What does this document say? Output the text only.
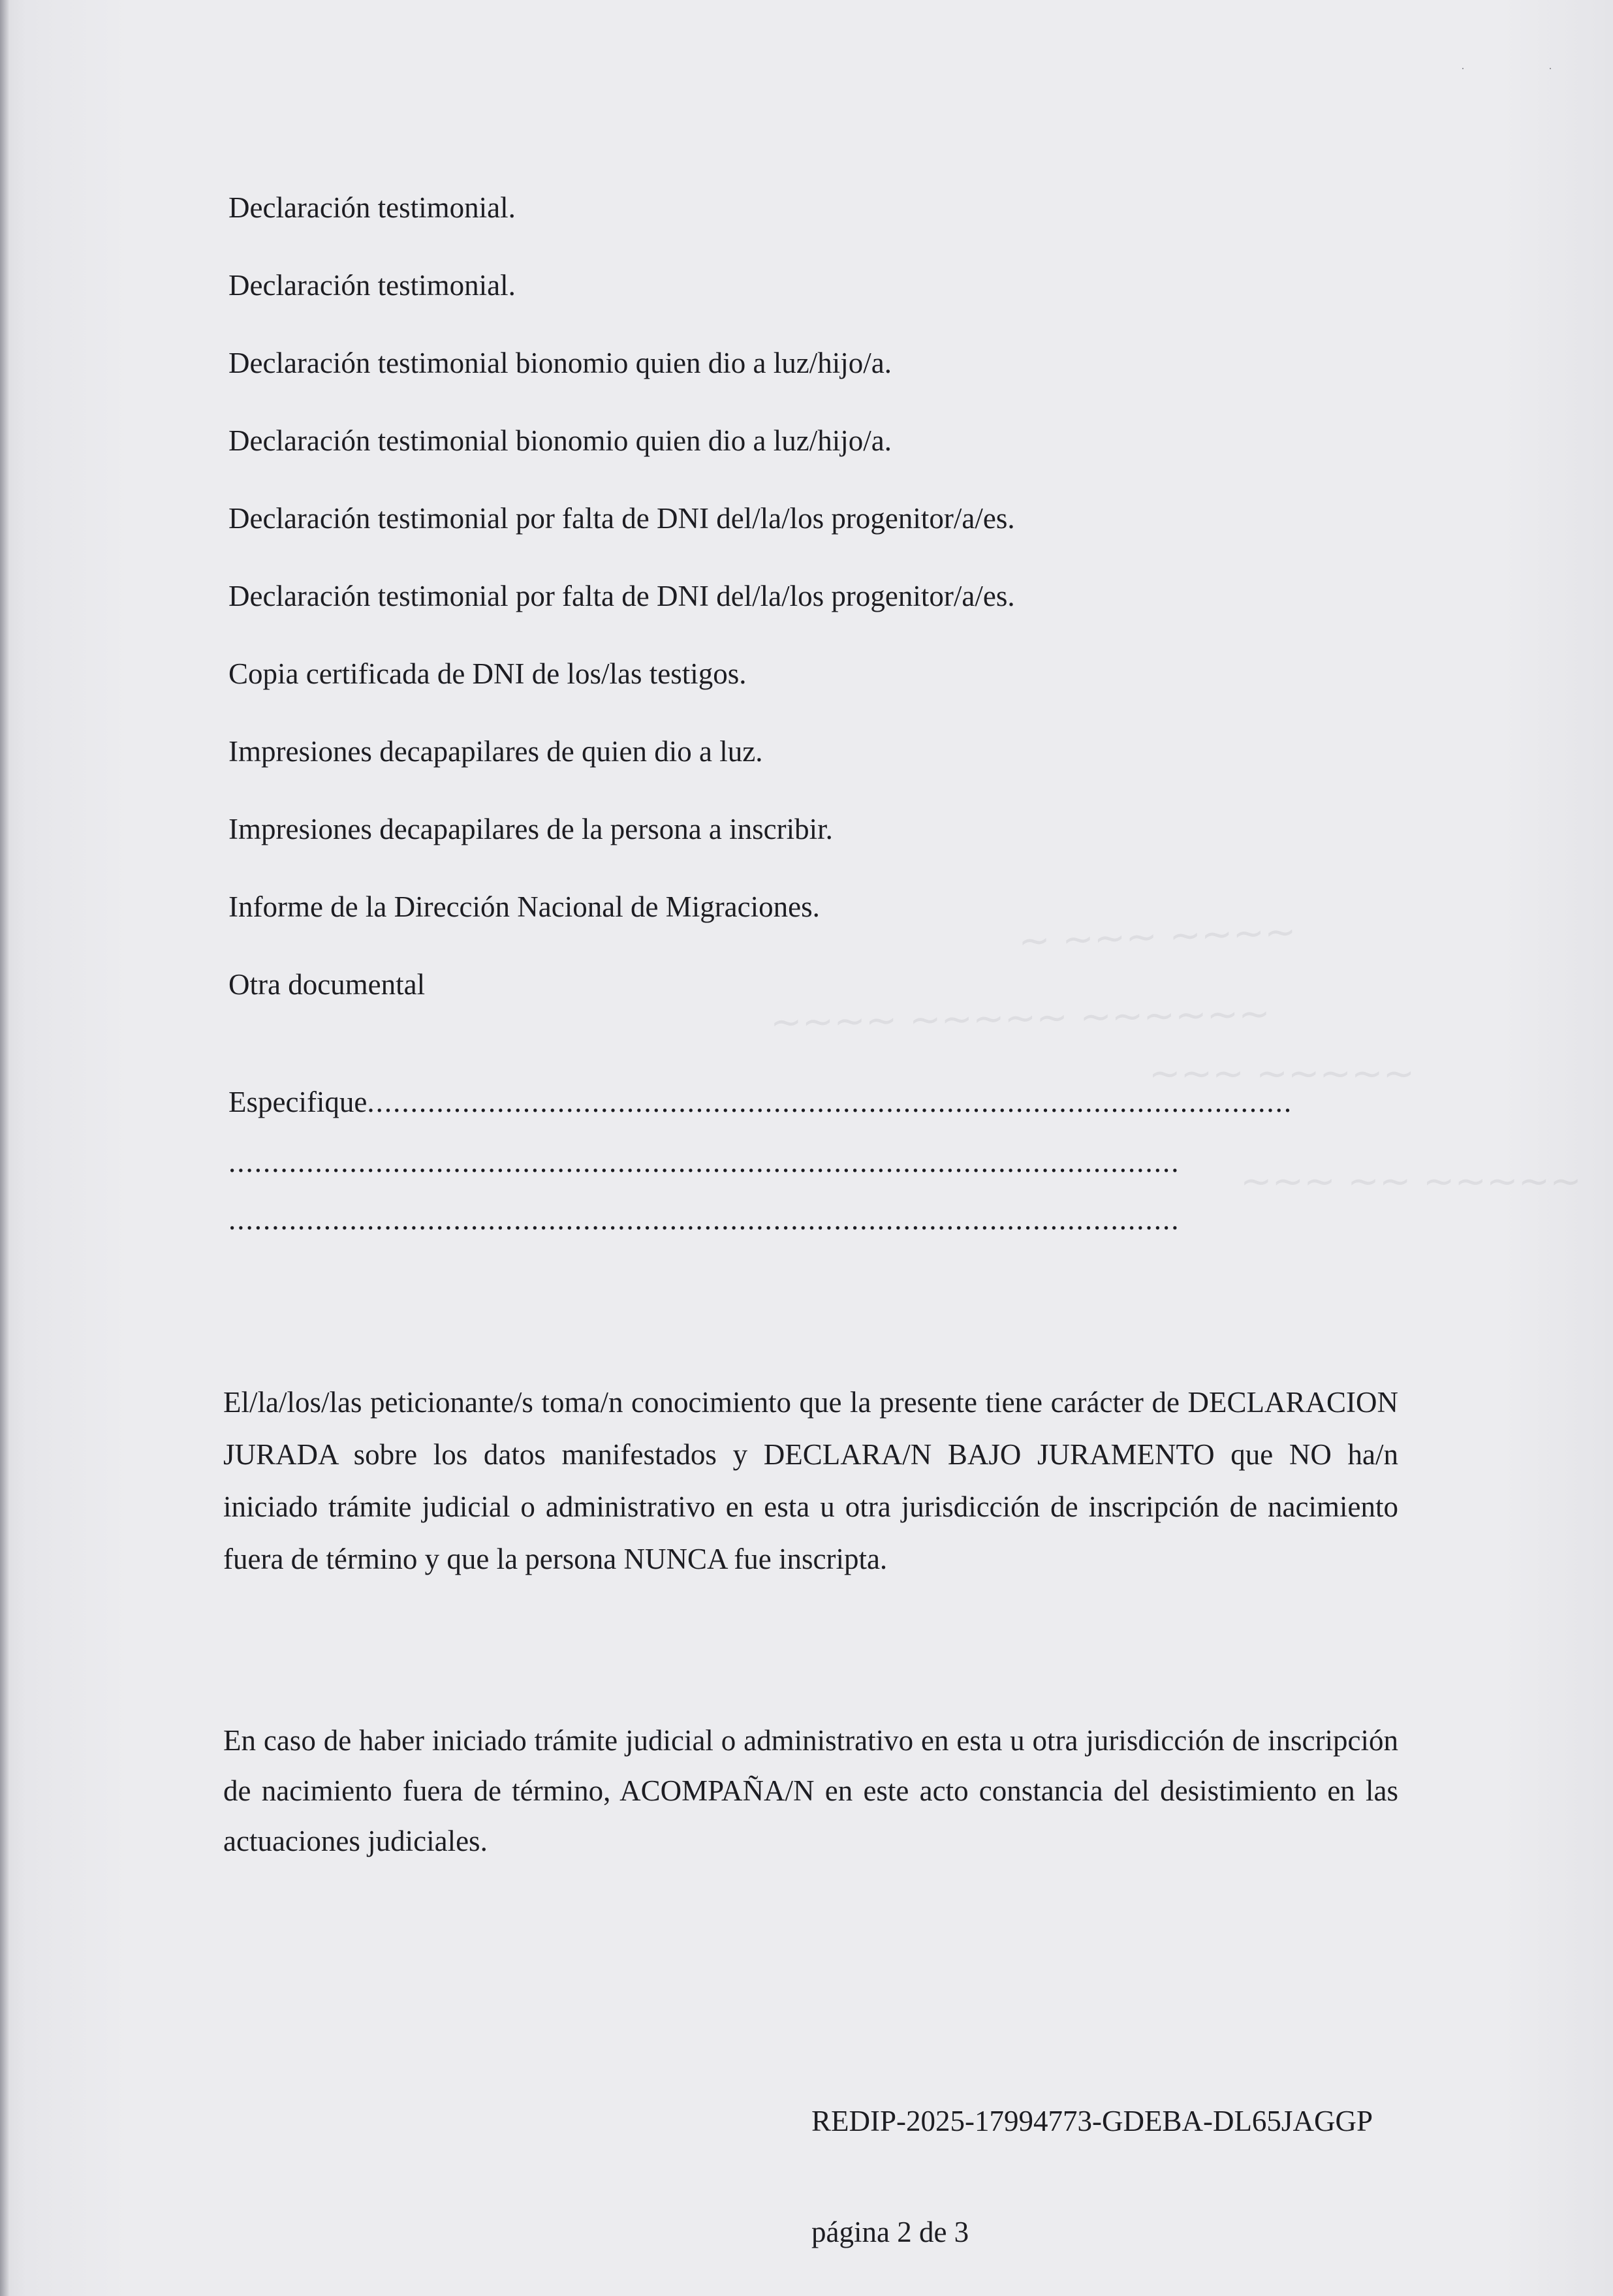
·	·
~ ~~~ ~~~~
~~~~ ~~~~~ ~~~~~~
~~~ ~~~~~
~~~ ~~ ~~~~~
Declaración testimonial.
Declaración testimonial.
Declaración testimonial bionomio quien dio a luz/hijo/a.
Declaración testimonial bionomio quien dio a luz/hijo/a.
Declaración testimonial por falta de DNI del/la/los progenitor/a/es.
Declaración testimonial por falta de DNI del/la/los progenitor/a/es.
Copia certificada de DNI de los/las testigos.
Impresiones decapapilares de quien dio a luz.
Impresiones decapapilares de la persona a inscribir.
Informe de la Dirección Nacional de Migraciones.
Otra documental
Especifique...........................................................................................................
..............................................................................................................
..............................................................................................................

El/la/los/las peticionante/s toma/n conocimiento que la presente tiene carácter de DECLARACION JURADA sobre los datos manifestados y DECLARA/N BAJO JURAMENTO que NO ha/n iniciado trámite judicial o administrativo en esta u otra jurisdicción de inscripción de nacimiento fuera de término y que la persona NUNCA fue inscripta.

En caso de haber iniciado trámite judicial o administrativo en esta u otra jurisdicción de inscripción de nacimiento fuera de término, ACOMPAÑA/N en este acto constancia del desistimiento en las actuaciones judiciales.

REDIP-2025-17994773-GDEBA-DL65JAGGP
página 2 de 3
